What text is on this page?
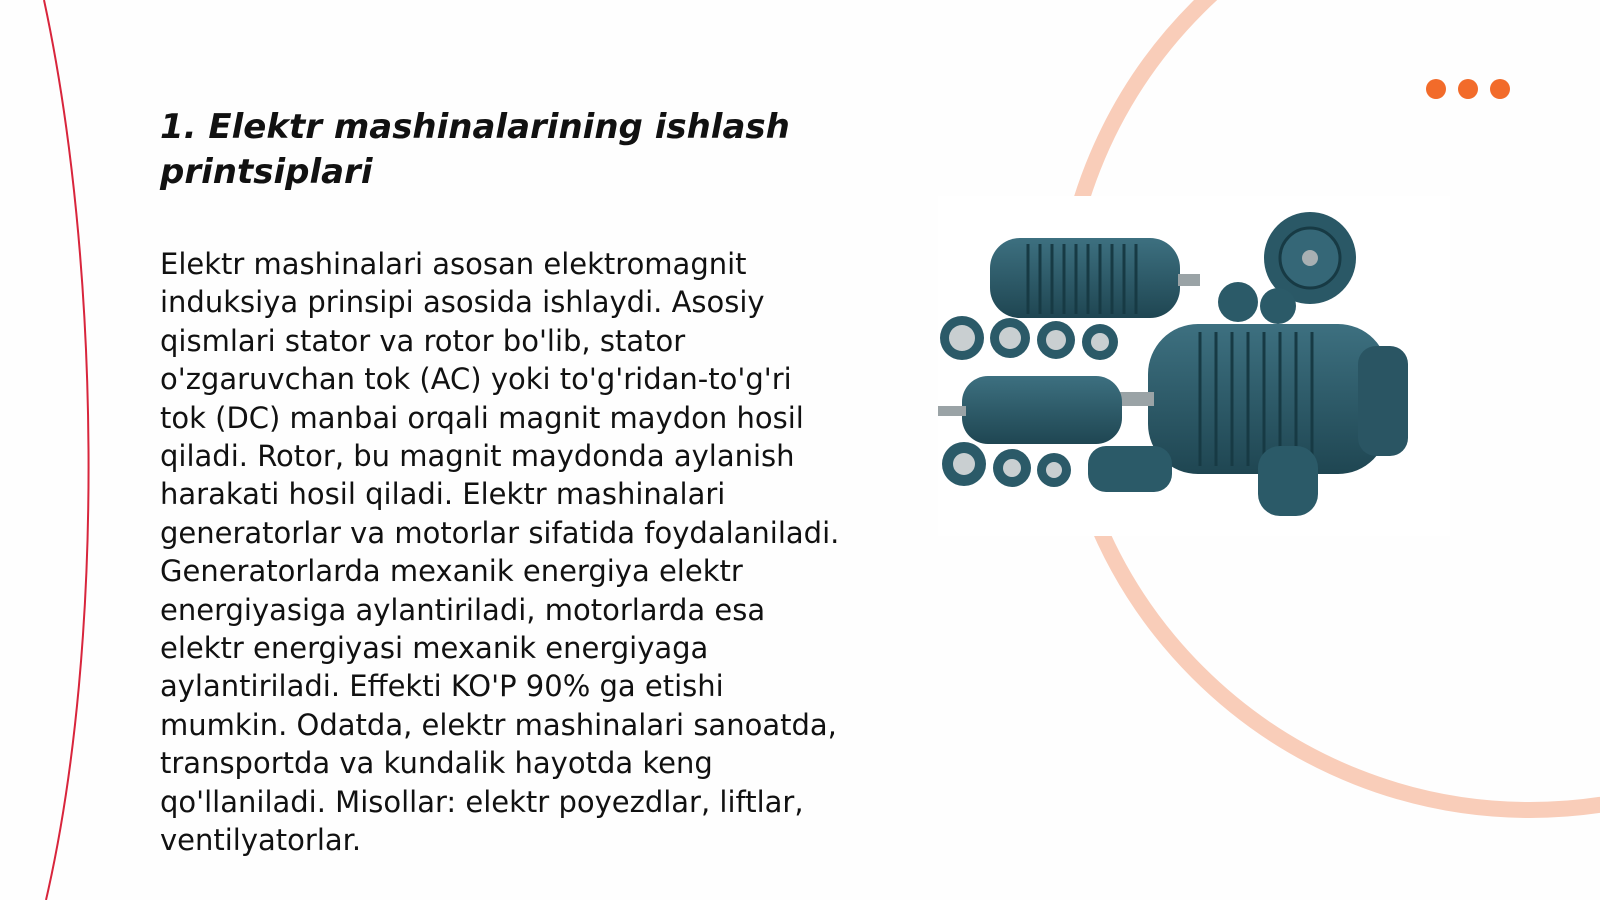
1. Elektr mashinalarining ishlash printsiplari

Elektr mashinalari asosan elektromagnit induksiya prinsipi asosida ishlaydi. Asosiy qismlari stator va rotor bo'lib, stator o'zgaruvchan tok (AC) yoki to'g'ridan-to'g'ri tok (DC) manbai orqali magnit maydon hosil qiladi. Rotor, bu magnit maydonda aylanish harakati hosil qiladi. Elektr mashinalari generatorlar va motorlar sifatida foydalaniladi. Generatorlarda mexanik energiya elektr energiyasiga aylantiriladi, motorlarda esa elektr energiyasi mexanik energiyaga aylantiriladi. Effekti KO'P 90% ga etishi mumkin. Odatda, elektr mashinalari sanoatda, transportda va kundalik hayotda keng qo'llaniladi. Misollar: elektr poyezdlar, liftlar, ventilyatorlar.
